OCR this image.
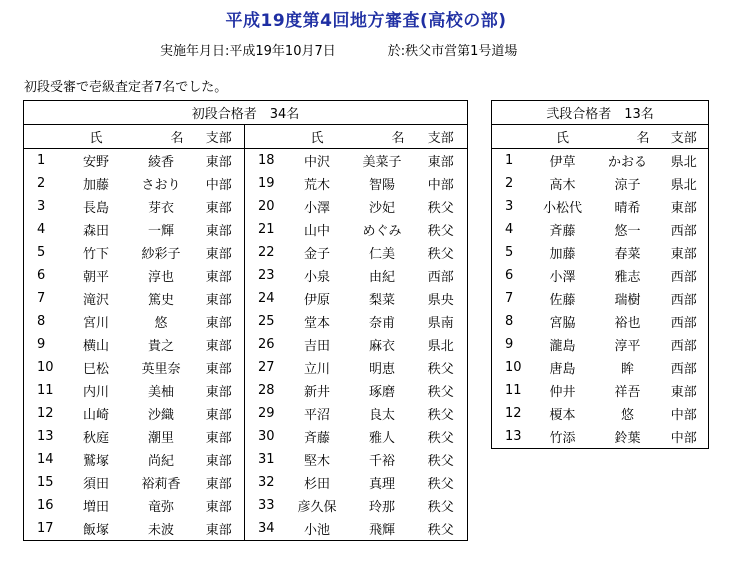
平成19度第4回地方審査(高校の部)
実施年月日:平成19年10月7日　　　　於:秩父市営第1号道場
初段受審で壱級査定者7名でした。
初段合格者　34名							
	氏	名	支部		氏	名	支部
1	安野	綾香	東部	18	中沢	美菜子	東部
2	加藤	さおり	中部	19	荒木	智陽	中部
3	長島	芽衣	東部	20	小澤	沙妃	秩父
4	森田	一輝	東部	21	山中	めぐみ	秩父
5	竹下	紗彩子	東部	22	金子	仁美	秩父
6	朝平	淳也	東部	23	小泉	由紀	西部
7	滝沢	篤史	東部	24	伊原	梨菜	県央
8	宮川	悠	東部	25	堂本	奈甫	県南
9	横山	貴之	東部	26	吉田	麻衣	県北
10	巳松	英里奈	東部	27	立川	明恵	秩父
11	内川	美柚	東部	28	新井	琢磨	秩父
12	山崎	沙織	東部	29	平沼	良太	秩父
13	秋庭	潮里	東部	30	斉藤	雅人	秩父
14	鷲塚	尚紀	東部	31	堅木	千裕	秩父
15	須田	裕莉香	東部	32	杉田	真理	秩父
16	増田	竜弥	東部	33	彦久保	玲那	秩父
17	飯塚	未波	東部	34	小池	飛輝	秩父
弐段合格者　13名			
	氏	名	支部
1	伊草	かおる	県北
2	高木	涼子	県北
3	小松代	晴希	東部
4	斉藤	悠一	西部
5	加藤	春菜	東部
6	小澤	雅志	西部
7	佐藤	瑞樹	西部
8	宮脇	裕也	西部
9	瀧島	淳平	西部
10	唐島	眸	西部
11	仲井	祥吾	東部
12	榎本	悠	中部
13	竹添	鈴葉	中部
